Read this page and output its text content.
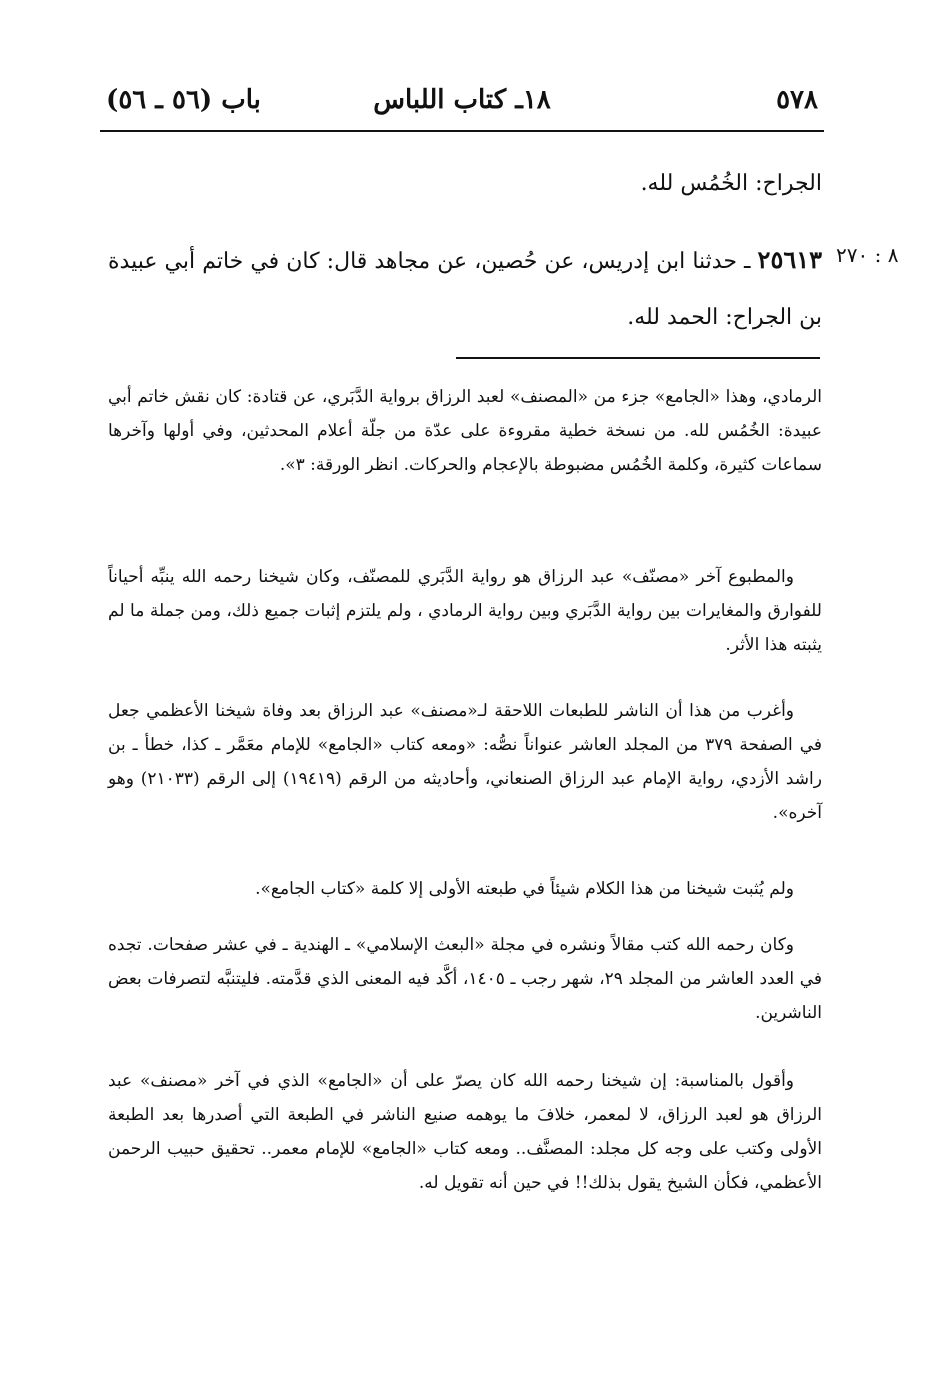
٥٧٨
١٨ـ كتاب اللباس
باب (٥٦ ـ ٥٦)
الجراح: الخُمُس لله.
٨ : ٢٧٠
٢٥٦١٣ ـ حدثنا ابن إدريس، عن حُصين، عن مجاهد قال: كان في خاتم أبي عبيدة بن الجراح: الحمد لله.

الرمادي، وهذا «الجامع» جزء من «المصنف» لعبد الرزاق برواية الدَّبَري، عن قتادة: كان نقش خاتم أبي عبيدة: الخُمُس لله. من نسخة خطية مقروءة على عدّة من جلّة أعلام المحدثين، وفي أولها وآخرها سماعات كثيرة، وكلمة الخُمُس مضبوطة بالإعجام والحركات. انظر الورقة: ٣».

والمطبوع آخر «مصنّف» عبد الرزاق هو رواية الدَّبَري للمصنّف، وكان شيخنا رحمه الله ينبِّه أحياناً للفوارق والمغايرات بين رواية الدَّبَري وبين رواية الرمادي ، ولم يلتزم إثبات جميع ذلك، ومن جملة ما لم يثبته هذا الأثر.

وأغرب من هذا أن الناشر للطبعات اللاحقة لـ«مصنف» عبد الرزاق بعد وفاة شيخنا الأعظمي جعل في الصفحة ٣٧٩ من المجلد العاشر عنواناً نصُّه: «ومعه كتاب «الجامع» للإمام معَمَّر ـ كذا، خطأ ـ بن راشد الأزدي، رواية الإمام عبد الرزاق الصنعاني، وأحاديثه من الرقم (١٩٤١٩) إلى الرقم (٢١٠٣٣) وهو آخره».

ولم يُثبت شيخنا من هذا الكلام شيئاً في طبعته الأولى إلا كلمة «كتاب الجامع».

وكان رحمه الله كتب مقالاً ونشره في مجلة «البعث الإسلامي» ـ الهندية ـ في عشر صفحات. تجده في العدد العاشر من المجلد ٢٩، شهر رجب ـ ١٤٠٥، أكَّد فيه المعنى الذي قدَّمته. فليتنبَّه لتصرفات بعض الناشرين.

وأقول بالمناسبة: إن شيخنا رحمه الله كان يصرّ على أن «الجامع» الذي في آخر «مصنف» عبد الرزاق هو لعبد الرزاق، لا لمعمر، خلافَ ما يوهمه صنيع الناشر في الطبعة التي أصدرها بعد الطبعة الأولى وكتب على وجه كل مجلد: المصنَّف.. ومعه كتاب «الجامع» للإمام معمر.. تحقيق حبيب الرحمن الأعظمي، فكأن الشيخ يقول بذلك!! في حين أنه تقويل له.
